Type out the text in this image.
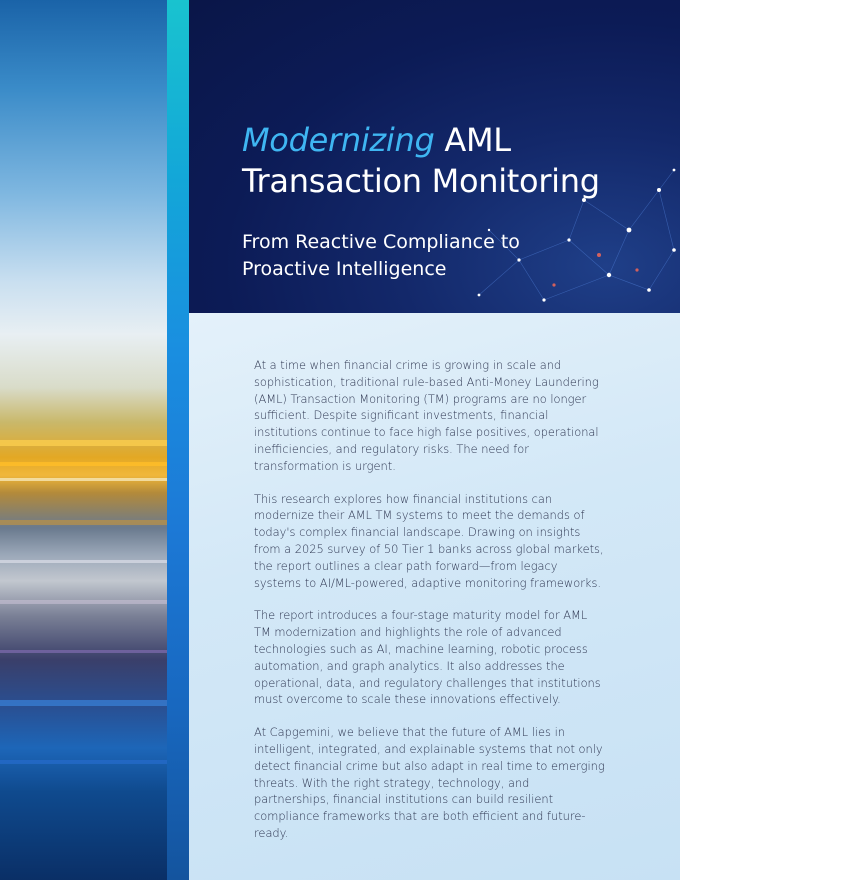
Capgemini
Modernizing AML
Transaction Monitoring
From Reactive Compliance to
Proactive Intelligence

At a time when financial crime is growing in scale and sophistication, traditional rule-based Anti-Money Laundering (AML) Transaction Monitoring (TM) programs are no longer sufficient. Despite significant investments, financial institutions continue to face high false positives, operational inefficiencies, and regulatory risks. The need for transformation is urgent.

This research explores how financial institutions can modernize their AML TM systems to meet the demands of today's complex financial landscape. Drawing on insights from a 2025 survey of 50 Tier 1 banks across global markets, the report outlines a clear path forward—from legacy systems to AI/ML-powered, adaptive monitoring frameworks.

The report introduces a four-stage maturity model for AML TM modernization and highlights the role of advanced technologies such as AI, machine learning, robotic process automation, and graph analytics. It also addresses the operational, data, and regulatory challenges that institutions must overcome to scale these innovations effectively.

At Capgemini, we believe that the future of AML lies in intelligent, integrated, and explainable systems that not only detect financial crime but also adapt in real time to emerging threats. With the right strategy, technology, and partnerships, financial institutions can build resilient compliance frameworks that are both efficient and future-ready.
